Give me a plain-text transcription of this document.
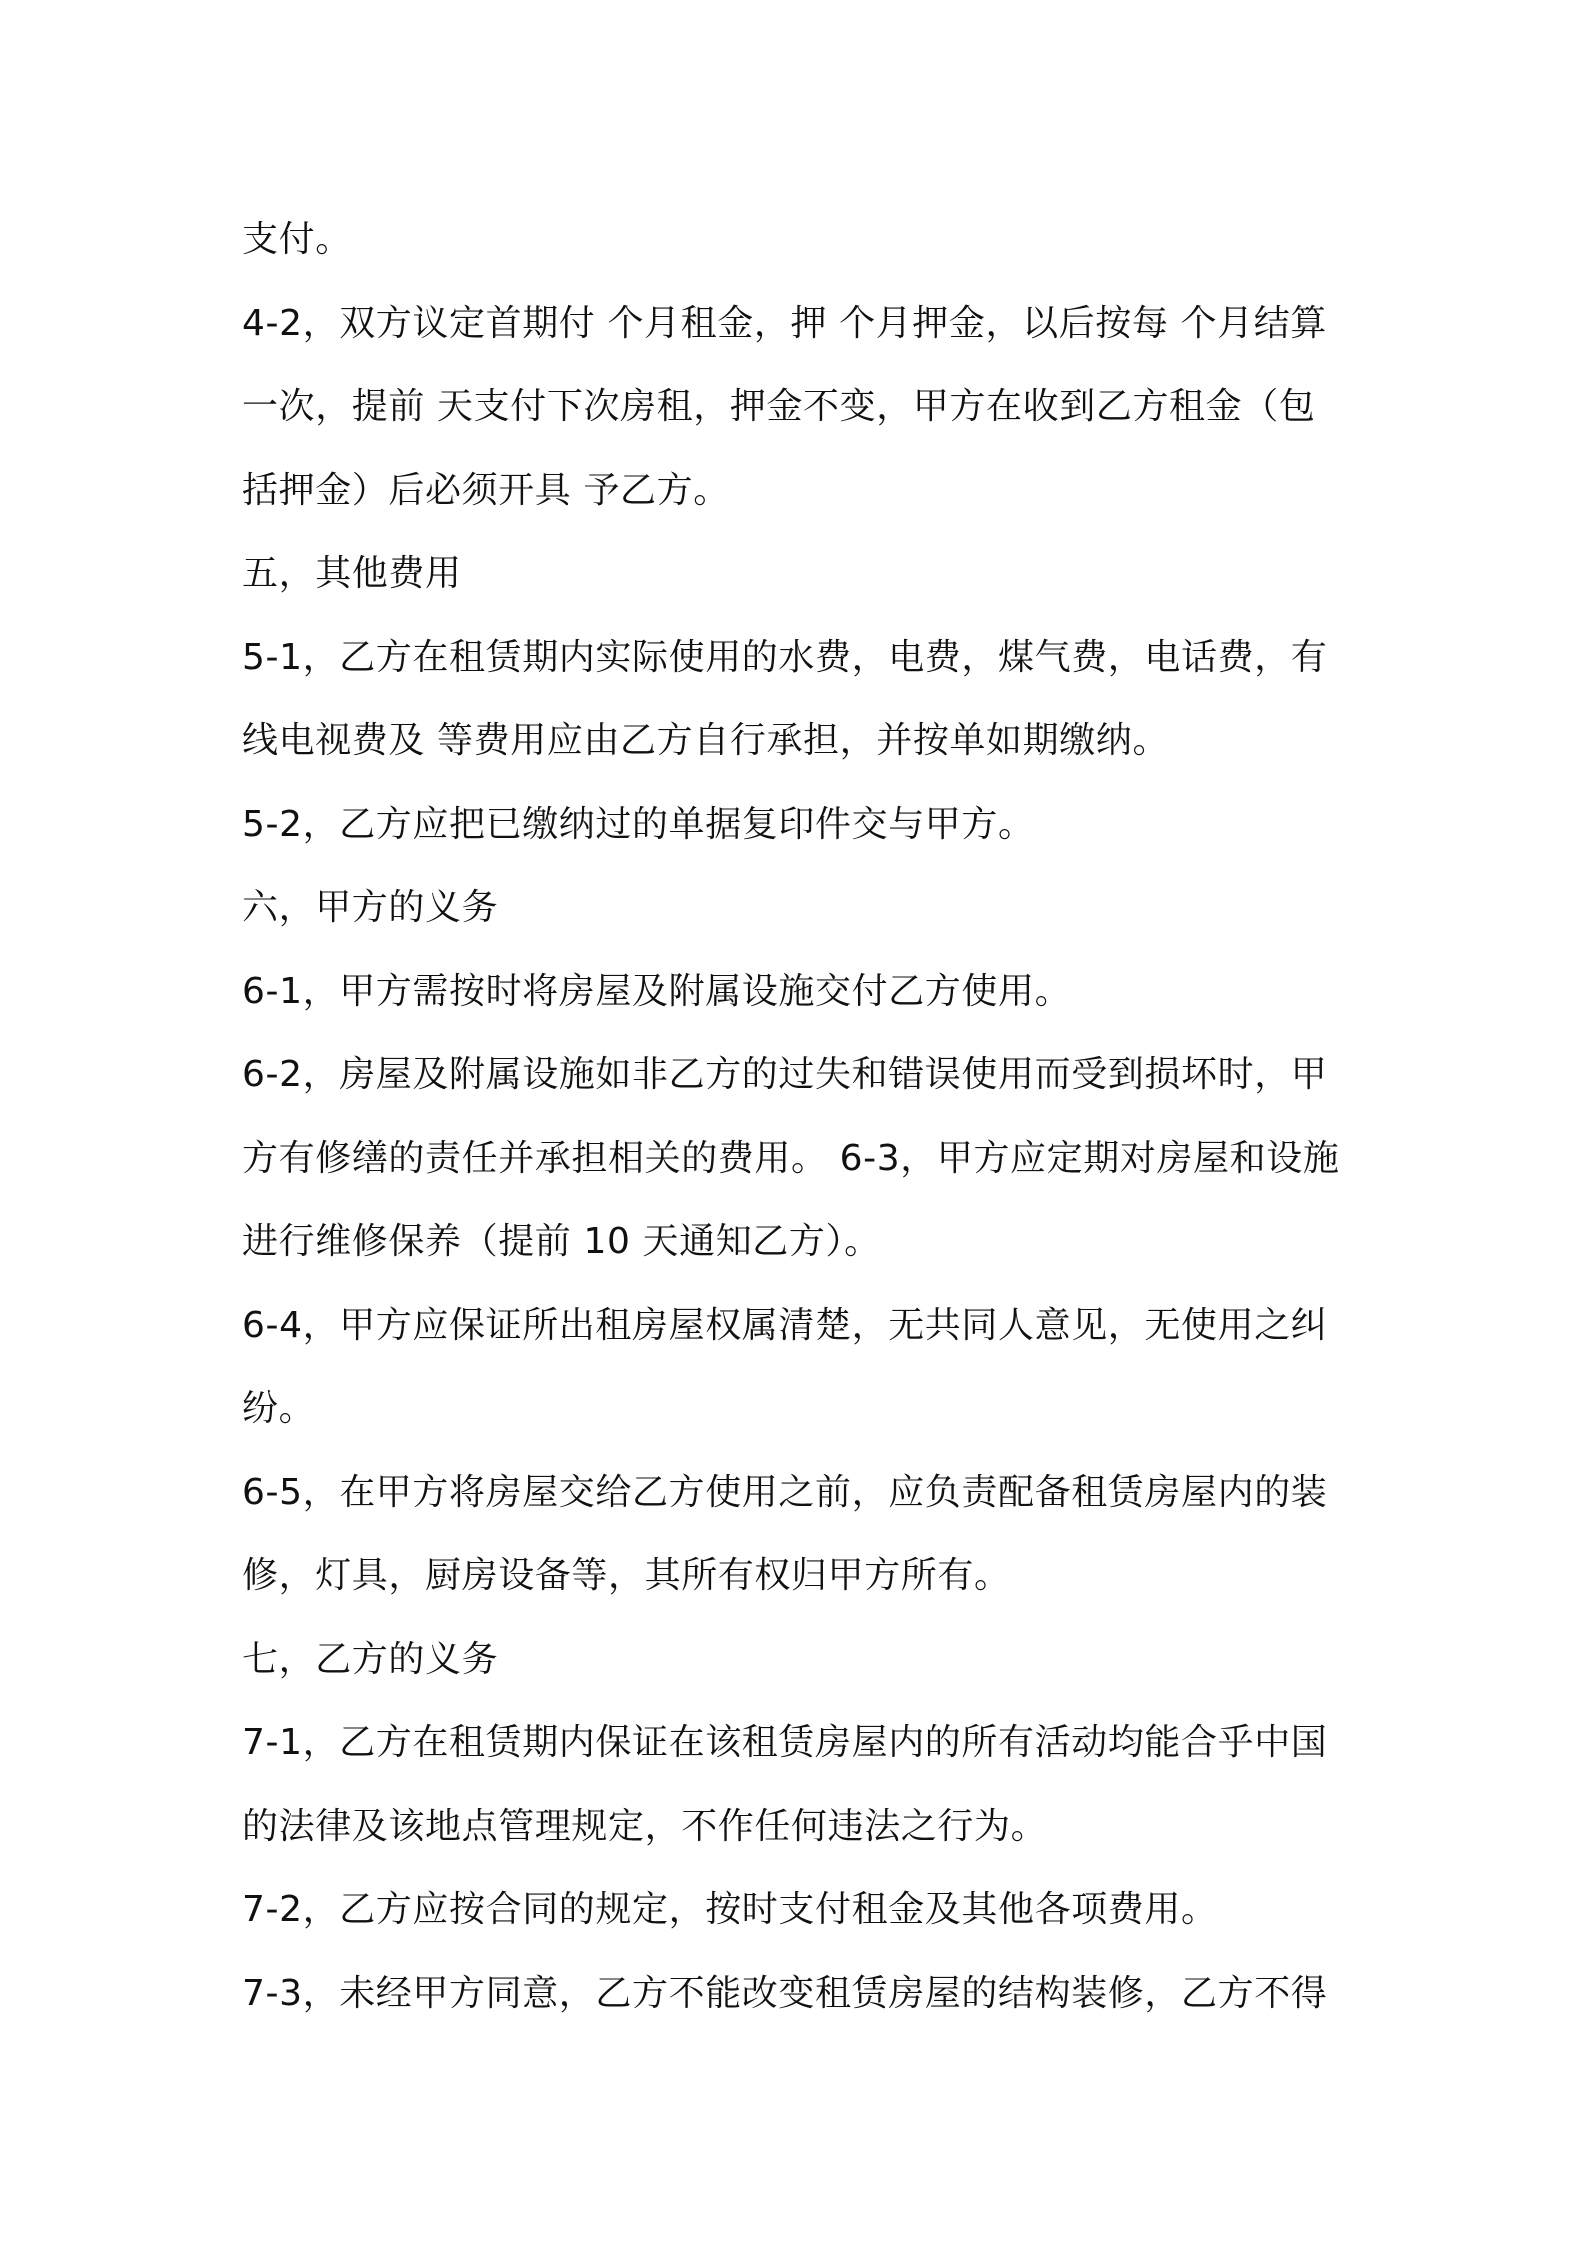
支付。
4-2，双方议定首期付 个月租金，押 个月押金，以后按每 个月结算
一次，提前 天支付下次房租，押金不变，甲方在收到乙方租金（包
括押金）后必须开具 予乙方。
五，其他费用
5-1，乙方在租赁期内实际使用的水费，电费，煤气费，电话费，有
线电视费及 等费用应由乙方自行承担，并按单如期缴纳。
5-2，乙方应把已缴纳过的单据复印件交与甲方。
六，甲方的义务
6-1，甲方需按时将房屋及附属设施交付乙方使用。
6-2，房屋及附属设施如非乙方的过失和错误使用而受到损坏时，甲
方有修缮的责任并承担相关的费用。 6-3，甲方应定期对房屋和设施
进行维修保养（提前 10 天通知乙方）。
6-4，甲方应保证所出租房屋权属清楚，无共同人意见，无使用之纠
纷。
6-5，在甲方将房屋交给乙方使用之前，应负责配备租赁房屋内的装
修，灯具，厨房设备等，其所有权归甲方所有。
七，乙方的义务
7-1，乙方在租赁期内保证在该租赁房屋内的所有活动均能合乎中国
的法律及该地点管理规定，不作任何违法之行为。
7-2，乙方应按合同的规定，按时支付租金及其他各项费用。
7-3，未经甲方同意，乙方不能改变租赁房屋的结构装修，乙方不得
